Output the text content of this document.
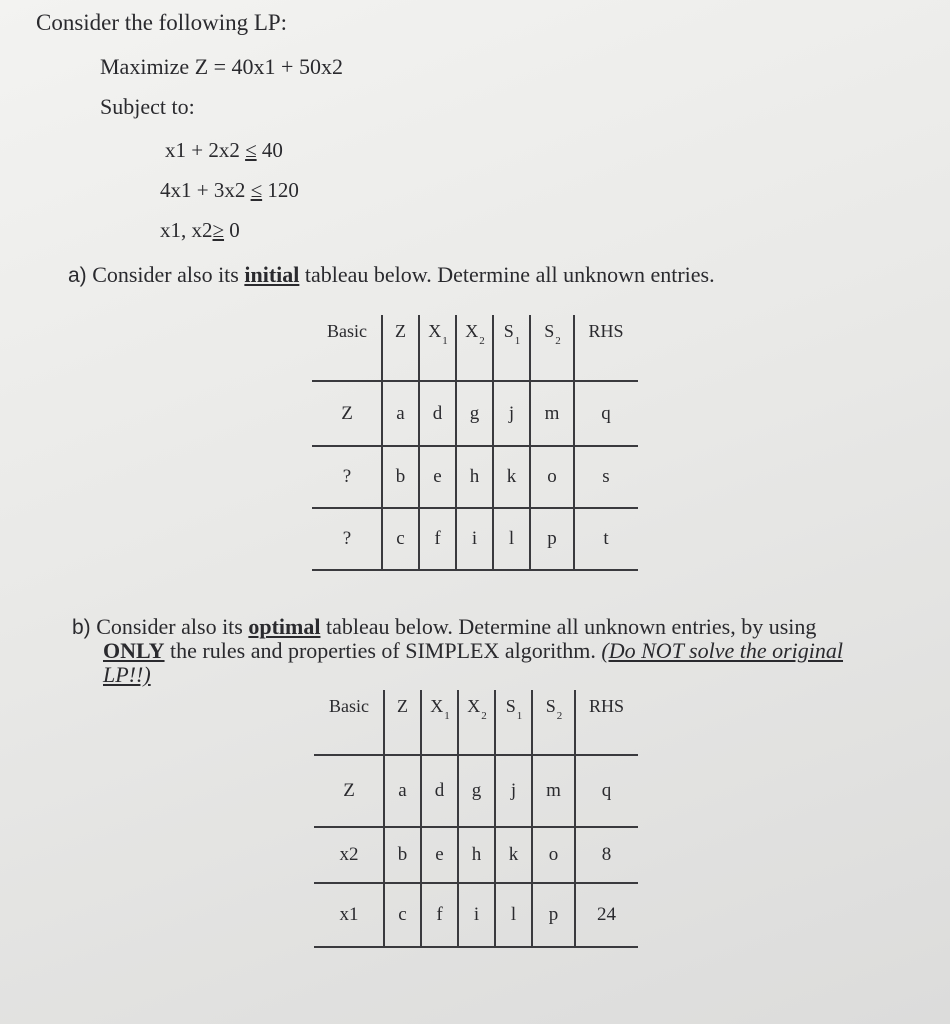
Consider the following LP:
Maximize Z = 40x1 + 50x2
Subject to:
x1 + 2x2 ≤ 40
4x1 + 3x2 ≤ 120
x1, x2≥ 0
a) Consider also its initial tableau below. Determine all unknown entries.
Basic Z X 1 X 2 S 1 S 2 RHS
Z	a	d	g	j	m	q
?	b	e	h	k	o	s
?	c	f	i	l	p	t
b) Consider also its optimal tableau below. Determine all unknown entries, by using
ONLY the rules and properties of SIMPLEX algorithm. (Do NOT solve the original
LP!!)
Basic Z X 1 X 2 S 1 S 2 RHS
Z	a	d	g	j	m	q
x2	b	e	h	k	o	8
x1	c	f	i	l	p	24
